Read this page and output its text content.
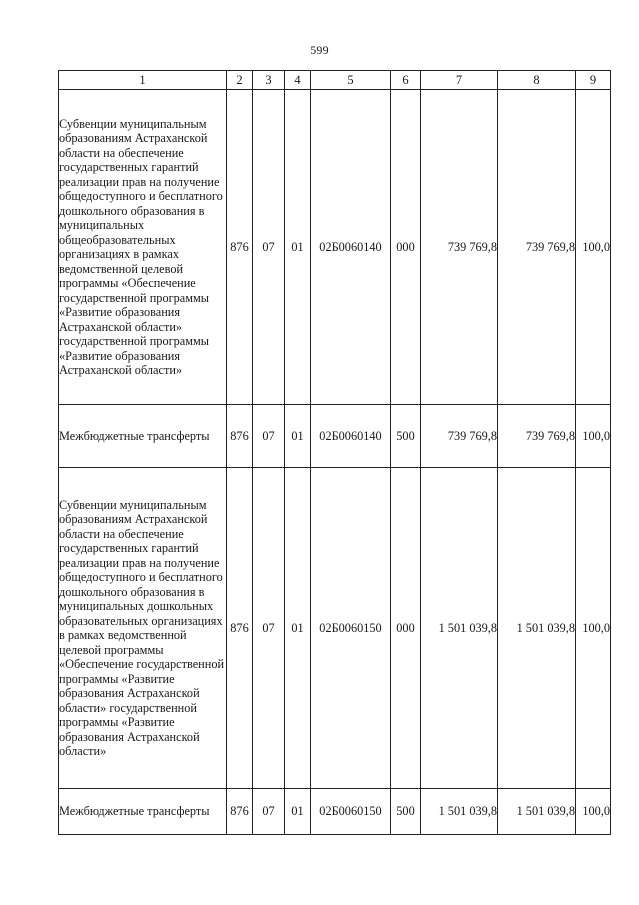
599
1	2	3	4	5	6	7	8	9
Субвенции муниципальным образованиям Астраханской области на обеспечение государственных гарантий реализации прав на получение общедоступного и бесплатного дошкольного образования в муниципальных общеобразовательных организациях в рамках ведомственной целевой программы «Обеспечение государственной программы «Развитие образования Астраханской области» государственной программы «Развитие образования Астраханской области»	876	07	01	02Б0060140	000	739 769,8	739 769,8	100,0
Межбюджетные трансферты	876	07	01	02Б0060140	500	739 769,8	739 769,8	100,0
Субвенции муниципальным образованиям Астраханской области на обеспечение государственных гарантий реализации прав на получение общедоступного и бесплатного дошкольного образования в муниципальных дошкольных образовательных организациях в рамках ведомственной целевой программы «Обеспечение государственной программы «Развитие образования Астраханской области» государственной программы «Развитие образования Астраханской области»	876	07	01	02Б0060150	000	1 501 039,8	1 501 039,8	100,0
Межбюджетные трансферты	876	07	01	02Б0060150	500	1 501 039,8	1 501 039,8	100,0
